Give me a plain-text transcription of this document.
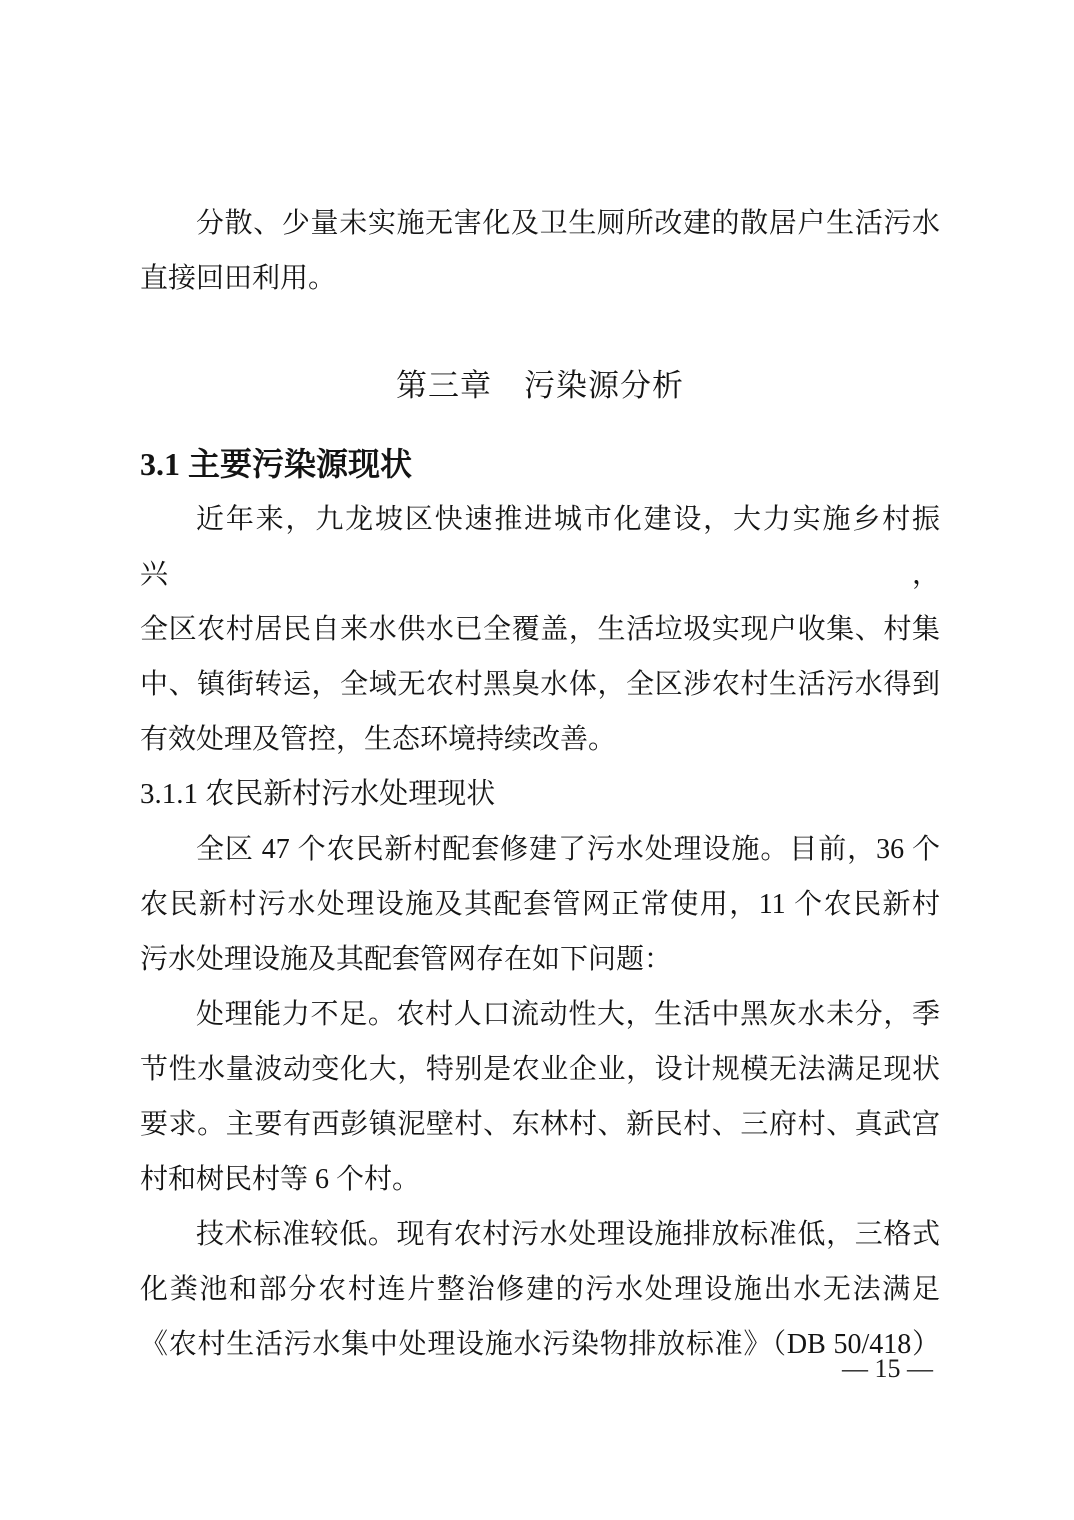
分散、少量未实施无害化及卫生厕所改建的散居户生活污水
直接回田利用。

第三章　污染源分析
3.1 主要污染源现状

近年来，九龙坡区快速推进城市化建设，大力实施乡村振兴，
全区农村居民自来水供水已全覆盖，生活垃圾实现户收集、村集
中、镇街转运，全域无农村黑臭水体，全区涉农村生活污水得到
有效处理及管控，生态环境持续改善。

3.1.1 农民新村污水处理现状

全区 47 个农民新村配套修建了污水处理设施。目前，36 个
农民新村污水处理设施及其配套管网正常使用，11 个农民新村
污水处理设施及其配套管网存在如下问题：

处理能力不足。农村人口流动性大，生活中黑灰水未分，季
节性水量波动变化大，特别是农业企业，设计规模无法满足现状
要求。主要有西彭镇泥壁村、东林村、新民村、三府村、真武宫
村和树民村等 6 个村。

技术标准较低。现有农村污水处理设施排放标准低，三格式
化粪池和部分农村连片整治修建的污水处理设施出水无法满足
《农村生活污水集中处理设施水污染物排放标准》（DB 50/418）

— 15 —
